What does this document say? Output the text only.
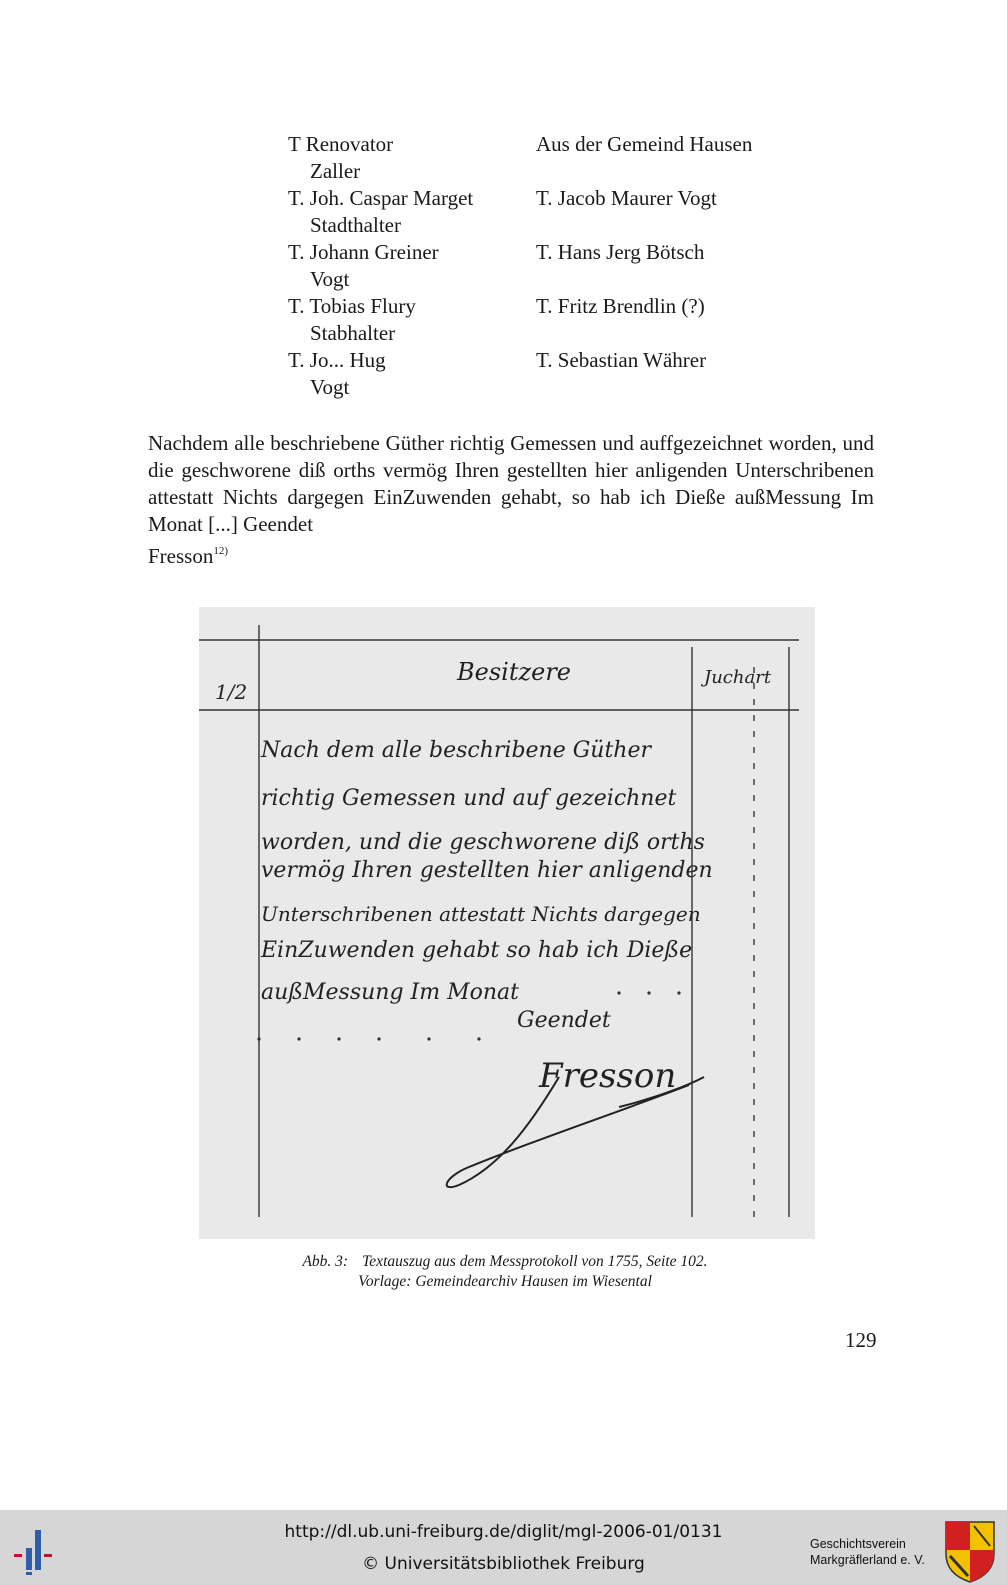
T Renovator
Zaller
Aus der Gemeind Hausen
T. Joh. Caspar Marget
Stadthalter
T. Jacob Maurer Vogt
T. Johann Greiner
Vogt
T. Hans Jerg Bötsch
T. Tobias Flury
Stabhalter
T. Fritz Brendlin (?)
T. Jo... Hug
Vogt
T. Sebastian Währer

Nachdem alle beschriebene Güther richtig Gemessen und auffgezeichnet worden, und die geschworene diß orths vermög Ihren gestellten hier anligenden Unterschribenen attestatt Nichts dargegen EinZuwenden gehabt, so hab ich Dieße außMessung Im Monat [...] Geendet

Fresson$^{12)}$
1/2
Besitzere	Juchart
Nach dem alle beschribene Güther
richtig Gemessen und auf gezeichnet
worden, und die geschworene diß orths
vermög Ihren gestellten hier anligenden
Unterschribenen attestatt Nichts dargegen
EinZuwenden gehabt so hab ich Dieße
außMessung Im Monat
Geendet
Fresson
Abb. 3: Textauszug aus dem Messprotokoll von 1755, Seite 102.
Vorlage: Gemeindearchiv Hausen im Wiesental
129
http://dl.ub.uni-freiburg.de/diglit/mgl-2006-01/0131
© Universitätsbibliothek Freiburg
Geschichtsverein
Markgräflerland e. V.
